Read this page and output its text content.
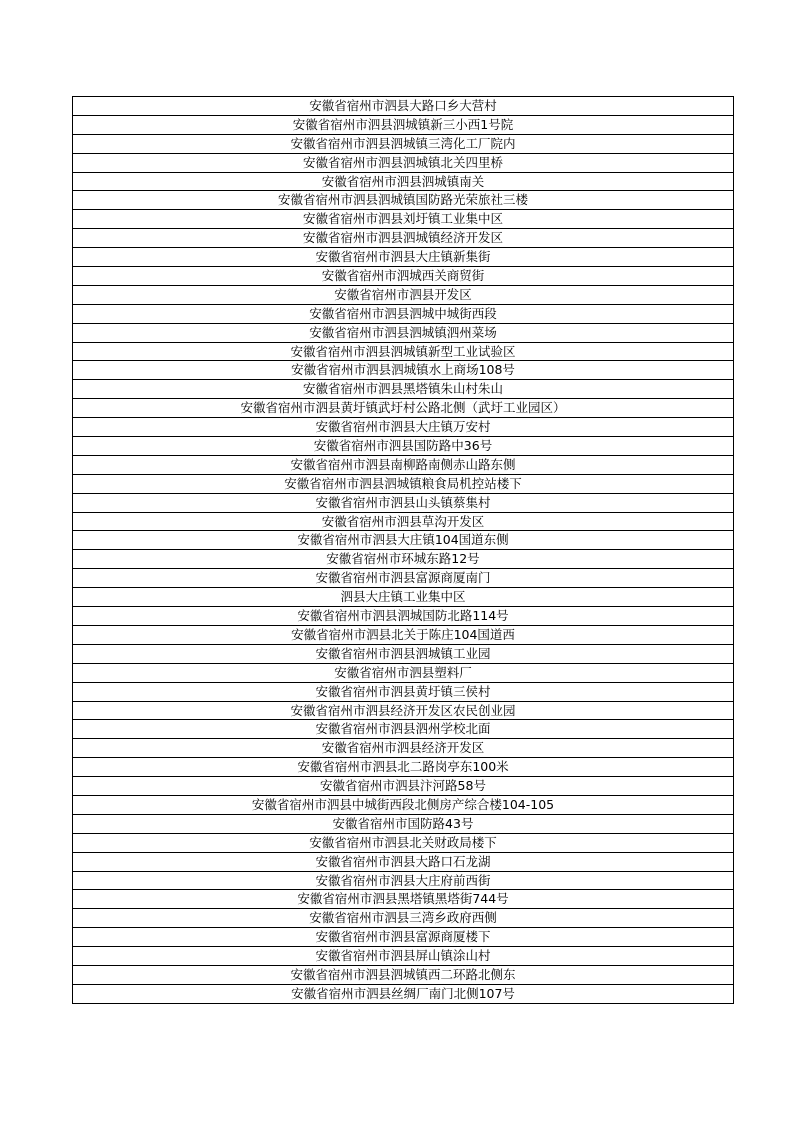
安徽省宿州市泗县大路口乡大营村
安徽省宿州市泗县泗城镇新三小西1号院
安徽省宿州市泗县泗城镇三湾化工厂院内
安徽省宿州市泗县泗城镇北关四里桥
安徽省宿州市泗县泗城镇南关
安徽省宿州市泗县泗城镇国防路光荣旅社三楼
安徽省宿州市泗县刘圩镇工业集中区
安徽省宿州市泗县泗城镇经济开发区
安徽省宿州市泗县大庄镇新集街
安徽省宿州市泗城西关商贸街
安徽省宿州市泗县开发区
安徽省宿州市泗县泗城中城街西段
安徽省宿州市泗县泗城镇泗州菜场
安徽省宿州市泗县泗城镇新型工业试验区
安徽省宿州市泗县泗城镇水上商场108号
安徽省宿州市泗县黑塔镇朱山村朱山
安徽省宿州市泗县黄圩镇武圩村公路北侧（武圩工业园区）
安徽省宿州市泗县大庄镇万安村
安徽省宿州市泗县国防路中36号
安徽省宿州市泗县南柳路南侧赤山路东侧
安徽省宿州市泗县泗城镇粮食局机控站楼下
安徽省宿州市泗县山头镇蔡集村
安徽省宿州市泗县草沟开发区
安徽省宿州市泗县大庄镇104国道东侧
安徽省宿州市环城东路12号
安徽省宿州市泗县富源商厦南门
泗县大庄镇工业集中区
安徽省宿州市泗县泗城国防北路114号
安徽省宿州市泗县北关于陈庄104国道西
安徽省宿州市泗县泗城镇工业园
安徽省宿州市泗县塑料厂
安徽省宿州市泗县黄圩镇三侯村
安徽省宿州市泗县经济开发区农民创业园
安徽省宿州市泗县泗州学校北面
安徽省宿州市泗县经济开发区
安徽省宿州市泗县北二路岗亭东100米
安徽省宿州市泗县汴河路58号
安徽省宿州市泗县中城街西段北侧房产综合楼104-105
安徽省宿州市国防路43号
安徽省宿州市泗县北关财政局楼下
安徽省宿州市泗县大路口石龙湖
安徽省宿州市泗县大庄府前西街
安徽省宿州市泗县黑塔镇黑塔街744号
安徽省宿州市泗县三湾乡政府西侧
安徽省宿州市泗县富源商厦楼下
安徽省宿州市泗县屏山镇涂山村
安徽省宿州市泗县泗城镇西二环路北侧东
安徽省宿州市泗县丝绸厂南门北侧107号
